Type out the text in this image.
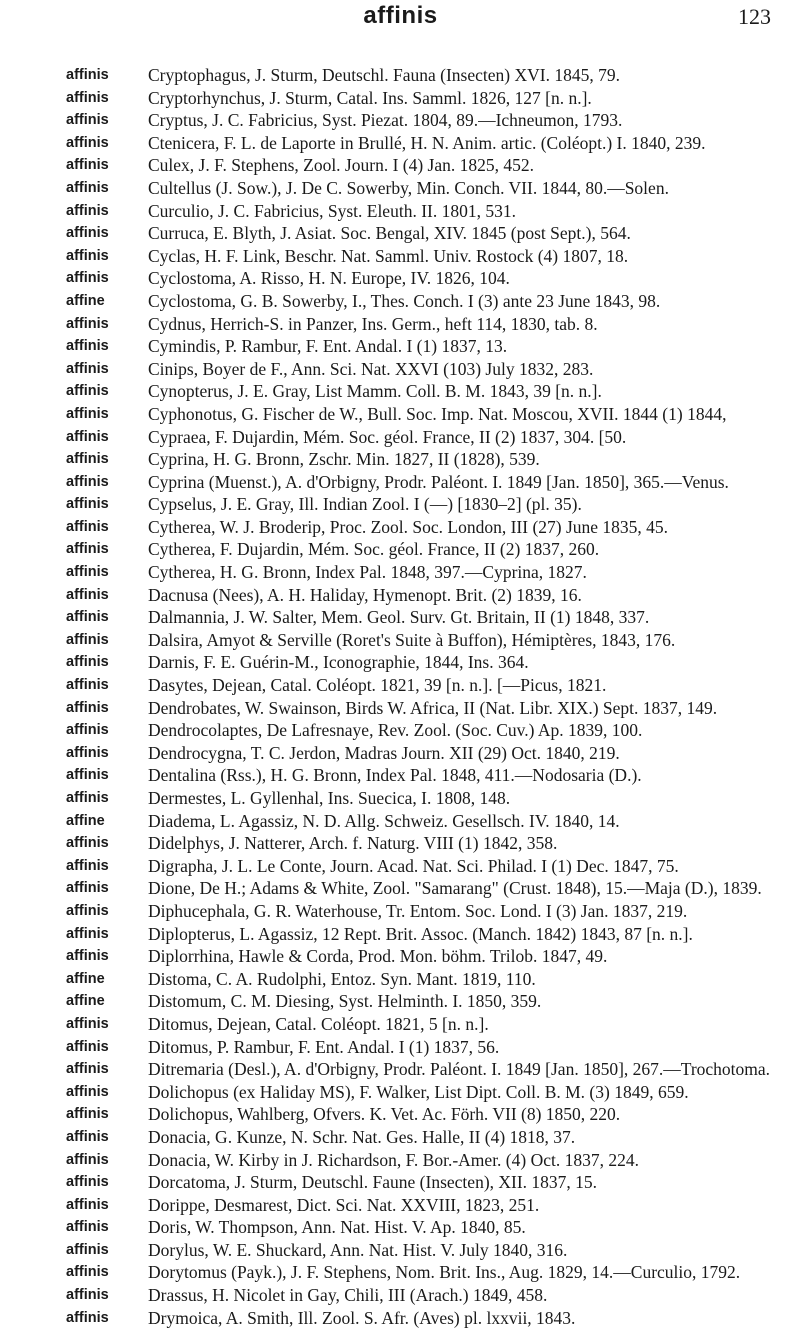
affinis	123
affinis Cryptophagus, J. Sturm, Deutschl. Fauna (Insecten) XVI. 1845, 79.
affinis Cryptorhynchus, J. Sturm, Catal. Ins. Samml. 1826, 127 [n. n.].
affinis Cryptus, J. C. Fabricius, Syst. Piezat. 1804, 89.—Ichneumon, 1793.
affinis Ctenicera, F. L. de Laporte in Brullé, H. N. Anim. artic. (Coléopt.) I. 1840, 239.
affinis Culex, J. F. Stephens, Zool. Journ. I (4) Jan. 1825, 452.
affinis Cultellus (J. Sow.), J. De C. Sowerby, Min. Conch. VII. 1844, 80.—Solen.
affinis Curculio, J. C. Fabricius, Syst. Eleuth. II. 1801, 531.
affinis Curruca, E. Blyth, J. Asiat. Soc. Bengal, XIV. 1845 (post Sept.), 564.
affinis Cyclas, H. F. Link, Beschr. Nat. Samml. Univ. Rostock (4) 1807, 18.
affinis Cyclostoma, A. Risso, H. N. Europe, IV. 1826, 104.
affine Cyclostoma, G. B. Sowerby, I., Thes. Conch. I (3) ante 23 June 1843, 98.
affinis Cydnus, Herrich-S. in Panzer, Ins. Germ., heft 114, 1830, tab. 8.
affinis Cymindis, P. Rambur, F. Ent. Andal. I (1) 1837, 13.
affinis Cinips, Boyer de F., Ann. Sci. Nat. XXVI (103) July 1832, 283.
affinis Cynopterus, J. E. Gray, List Mamm. Coll. B. M. 1843, 39 [n. n.].
affinis Cyphonotus, G. Fischer de W., Bull. Soc. Imp. Nat. Moscou, XVII. 1844 (1) 1844,
affinis Cypraea, F. Dujardin, Mém. Soc. géol. France, II (2) 1837, 304. [50.
affinis Cyprina, H. G. Bronn, Zschr. Min. 1827, II (1828), 539.
affinis Cyprina (Muenst.), A. d'Orbigny, Prodr. Paléont. I. 1849 [Jan. 1850], 365.—Venus.
affinis Cypselus, J. E. Gray, Ill. Indian Zool. I (—) [1830–2] (pl. 35).
affinis Cytherea, W. J. Broderip, Proc. Zool. Soc. London, III (27) June 1835, 45.
affinis Cytherea, F. Dujardin, Mém. Soc. géol. France, II (2) 1837, 260.
affinis Cytherea, H. G. Bronn, Index Pal. 1848, 397.—Cyprina, 1827.
affinis Dacnusa (Nees), A. H. Haliday, Hymenopt. Brit. (2) 1839, 16.
affinis Dalmannia, J. W. Salter, Mem. Geol. Surv. Gt. Britain, II (1) 1848, 337.
affinis Dalsira, Amyot & Serville (Roret's Suite à Buffon), Hémiptères, 1843, 176.
affinis Darnis, F. E. Guérin-M., Iconographie, 1844, Ins. 364.
affinis Dasytes, Dejean, Catal. Coléopt. 1821, 39 [n. n.]. [—Picus, 1821.
affinis Dendrobates, W. Swainson, Birds W. Africa, II (Nat. Libr. XIX.) Sept. 1837, 149.
affinis Dendrocolaptes, De Lafresnaye, Rev. Zool. (Soc. Cuv.) Ap. 1839, 100.
affinis Dendrocygna, T. C. Jerdon, Madras Journ. XII (29) Oct. 1840, 219.
affinis Dentalina (Rss.), H. G. Bronn, Index Pal. 1848, 411.—Nodosaria (D.).
affinis Dermestes, L. Gyllenhal, Ins. Suecica, I. 1808, 148.
affine Diadema, L. Agassiz, N. D. Allg. Schweiz. Gesellsch. IV. 1840, 14.
affinis Didelphys, J. Natterer, Arch. f. Naturg. VIII (1) 1842, 358.
affinis Digrapha, J. L. Le Conte, Journ. Acad. Nat. Sci. Philad. I (1) Dec. 1847, 75.
affinis Dione, De H.; Adams & White, Zool. "Samarang" (Crust. 1848), 15.—Maja (D.), 1839.
affinis Diphucephala, G. R. Waterhouse, Tr. Entom. Soc. Lond. I (3) Jan. 1837, 219.
affinis Diplopterus, L. Agassiz, 12 Rept. Brit. Assoc. (Manch. 1842) 1843, 87 [n. n.].
affinis Diplorrhina, Hawle & Corda, Prod. Mon. böhm. Trilob. 1847, 49.
affine Distoma, C. A. Rudolphi, Entoz. Syn. Mant. 1819, 110.
affine Distomum, C. M. Diesing, Syst. Helminth. I. 1850, 359.
affinis Ditomus, Dejean, Catal. Coléopt. 1821, 5 [n. n.].
affinis Ditomus, P. Rambur, F. Ent. Andal. I (1) 1837, 56.
affinis Ditremaria (Desl.), A. d'Orbigny, Prodr. Paléont. I. 1849 [Jan. 1850], 267.—Trochotoma.
affinis Dolichopus (ex Haliday MS), F. Walker, List Dipt. Coll. B. M. (3) 1849, 659.
affinis Dolichopus, Wahlberg, Ofvers. K. Vet. Ac. Förh. VII (8) 1850, 220.
affinis Donacia, G. Kunze, N. Schr. Nat. Ges. Halle, II (4) 1818, 37.
affinis Donacia, W. Kirby in J. Richardson, F. Bor.-Amer. (4) Oct. 1837, 224.
affinis Dorcatoma, J. Sturm, Deutschl. Faune (Insecten), XII. 1837, 15.
affinis Dorippe, Desmarest, Dict. Sci. Nat. XXVIII, 1823, 251.
affinis Doris, W. Thompson, Ann. Nat. Hist. V. Ap. 1840, 85.
affinis Dorylus, W. E. Shuckard, Ann. Nat. Hist. V. July 1840, 316.
affinis Dorytomus (Payk.), J. F. Stephens, Nom. Brit. Ins., Aug. 1829, 14.—Curculio, 1792.
affinis Drassus, H. Nicolet in Gay, Chili, III (Arach.) 1849, 458.
affinis Drymoica, A. Smith, Ill. Zool. S. Afr. (Aves) pl. lxxvii, 1843.
